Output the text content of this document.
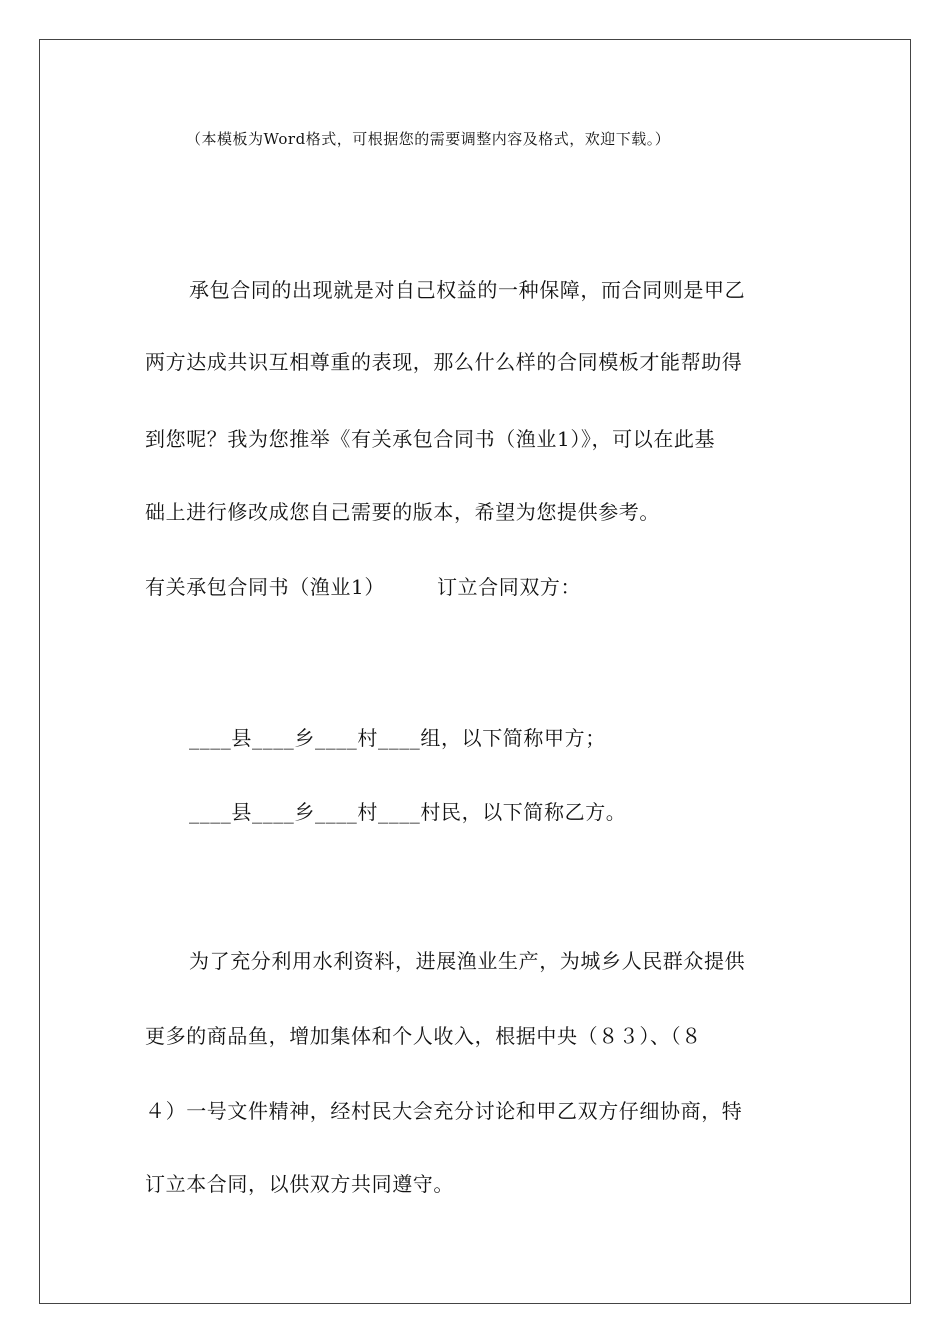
（本模板为Word格式，可根据您的需要调整内容及格式，欢迎下载。）
承包合同的出现就是对自己权益的一种保障，而合同则是甲乙
两方达成共识互相尊重的表现，那么什么样的合同模板才能帮助得
到您呢？我为您推举《有关承包合同书（渔业1）》，可以在此基
础上进行修改成您自己需要的版本，希望为您提供参考。
有关承包合同书（渔业1）	订立合同双方：
____县____乡____村____组，以下简称甲方；
____县____乡____村____村民，以下简称乙方。
为了充分利用水利资料，进展渔业生产，为城乡人民群众提供
更多的商品鱼，增加集体和个人收入，根据中央（８３）、（８
４）一号文件精神，经村民大会充分讨论和甲乙双方仔细协商，特
订立本合同，以供双方共同遵守。
